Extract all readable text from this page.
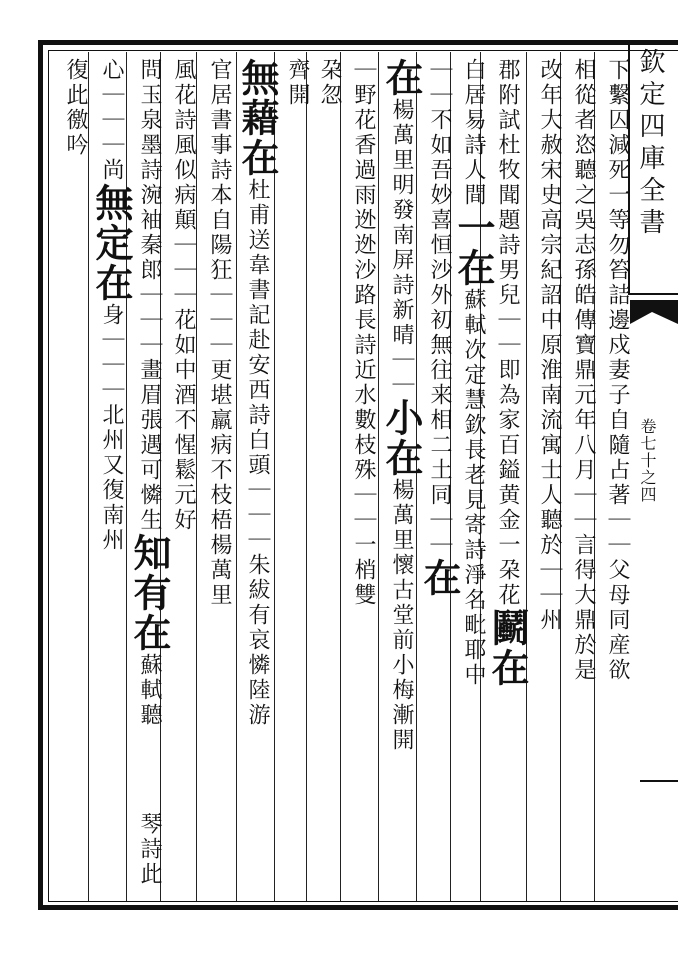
欽定四庫全書
卷七十之四
下繫囚減死一等勿笞詰邊戍妻子自隨占著｜｜父母同産欲
相從者恣聽之吳志孫皓傳寶鼎元年八月｜｜言得大鼎於是
改年大赦宋史高宗紀詔中原淮南流寓士人聽於｜｜州
郡附試杜牧聞題詩男兒｜｜即為家百鎰黄金一朶花鬬在
白居易詩人間一在蘇軾次定慧欽長老見寄詩淨名毗耶中
｜｜不如吾妙喜恒沙外初無往来相二土同｜｜在
在楊萬里明發南屏詩新晴｜｜小在楊萬里懷古堂前小梅漸開
｜野花香過雨迯迯沙路長詩近水數枝殊｜｜一梢雙
朶忽
齊開
無藉在杜甫送韋書記赴安西詩白頭｜｜｜朱紱有哀憐陸游
官居書事詩本自陽狂｜｜｜更堪羸病不枝梧楊萬里
風花詩風似病顛｜｜｜花如中酒不惺鬆元好
問玉泉墨詩涴袖秦郎｜｜｜畫眉張遇可憐生知有在蘇軾聽
琴詩此
心｜｜｜尚無定在身｜｜｜北州又復南州
復此徼吟
